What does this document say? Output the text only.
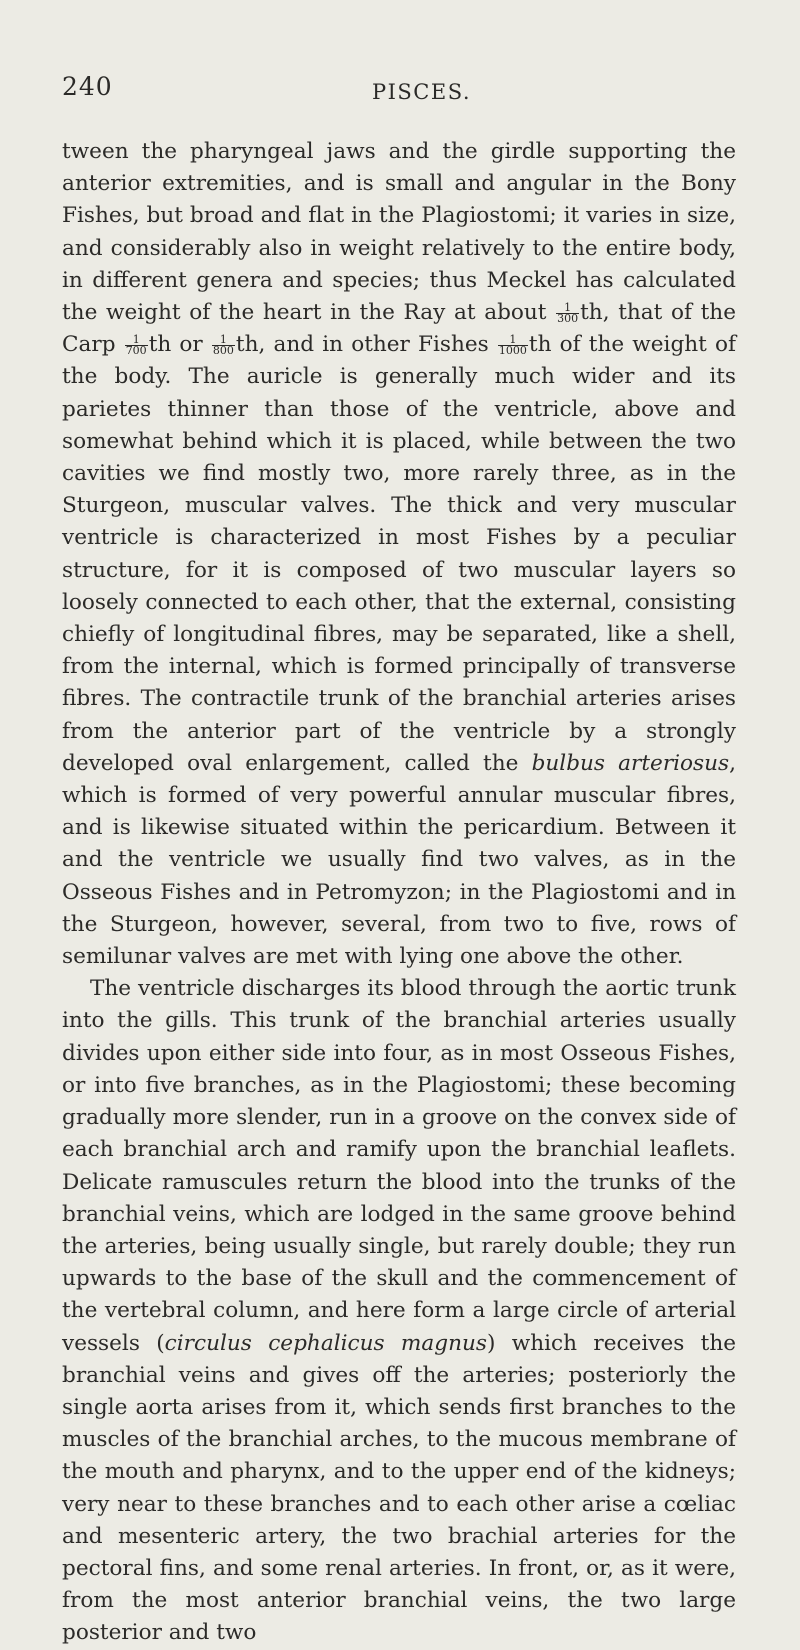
240	PISCES.

tween the pharyngeal jaws and the girdle supporting the anterior extremities, and is small and angular in the Bony Fishes, but broad and flat in the Plagiostomi; it varies in size, and considerably also in weight relatively to the entire body, in different genera and species; thus Meckel has calculated the weight of the heart in the Ray at about $\frac{1}{300}$ th, that of the Carp $\frac{1}{700}$ th or $\frac{1}{800}$ th, and in other Fishes $\frac{1}{1000}$ th of the weight of the body. The auricle is generally much wider and its parietes thinner than those of the ventricle, above and somewhat behind which it is placed, while between the two cavities we find mostly two, more rarely three, as in the Sturgeon, muscular valves. The thick and very muscular ventricle is characterized in most Fishes by a peculiar structure, for it is composed of two muscular layers so loosely connected to each other, that the external, consisting chiefly of longitudinal fibres, may be separated, like a shell, from the internal, which is formed principally of transverse fibres. The contractile trunk of the branchial arteries arises from the anterior part of the ventricle by a strongly developed oval enlargement, called the bulbus arteriosus, which is formed of very powerful annular muscular fibres, and is likewise situated within the pericardium. Between it and the ventricle we usually find two valves, as in the Osseous Fishes and in Petromyzon; in the Plagiostomi and in the Sturgeon, however, several, from two to five, rows of semilunar valves are met with lying one above the other.

The ventricle discharges its blood through the aortic trunk into the gills. This trunk of the branchial arteries usually divides upon either side into four, as in most Osseous Fishes, or into five branches, as in the Plagiostomi; these becoming gradually more slender, run in a groove on the convex side of each branchial arch and ramify upon the branchial leaflets. Delicate ramuscules return the blood into the trunks of the branchial veins, which are lodged in the same groove behind the arteries, being usually single, but rarely double; they run upwards to the base of the skull and the commencement of the vertebral column, and here form a large circle of arterial vessels (circulus cephalicus magnus) which receives the branchial veins and gives off the arteries; posteriorly the single aorta arises from it, which sends first branches to the muscles of the branchial arches, to the mucous membrane of the mouth and pharynx, and to the upper end of the kidneys; very near to these branches and to each other arise a cœliac and mesenteric artery, the two brachial arteries for the pectoral fins, and some renal arteries. In front, or, as it were, from the most anterior branchial veins, the two large posterior and two
